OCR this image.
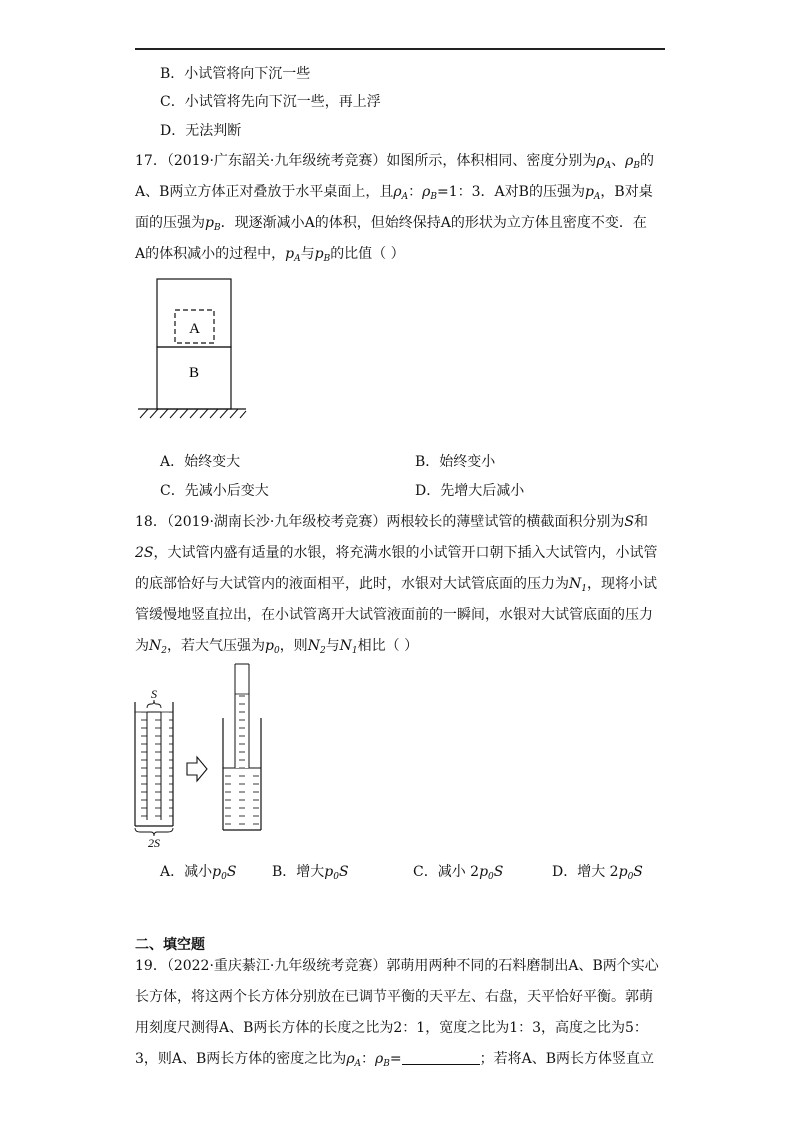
B．小试管将向下沉一些
C．小试管将先向下沉一些，再上浮
D．无法判断
17．（2019·广东韶关·九年级统考竞赛）如图所示，体积相同、密度分别为$\rho_A$、$\rho_B$的
A、B两立方体正对叠放于水平桌面上，且$\rho_A$：$\rho_B=1$：3．A对B的压强为$p_A$，B对桌
面的压强为$p_B$．现逐渐减小A的体积，但始终保持A的形状为立方体且密度不变．在
A的体积减小的过程中，$p_A$与$p_B$的比值（ ）
A
B
A．始终变大	B．始终变小
C．先减小后变大	D．先增大后减小
18．（2019·湖南长沙·九年级校考竞赛）两根较长的薄壁试管的横截面积分别为S和
2S，大试管内盛有适量的水银，将充满水银的小试管开口朝下插入大试管内，小试管
的底部恰好与大试管内的液面相平，此时，水银对大试管底面的压力为$N_1$，现将小试
管缓慢地竖直拉出，在小试管离开大试管液面前的一瞬间，水银对大试管底面的压力
为$N_2$，若大气压强为$p_0$，则$N_2$与$N_1$相比（ ）
S
2S
A．减小$p_0S$	B．增大$p_0S$	C．减小 $2p_0S$	D．增大 $2p_0S$
二、填空题
19．（2022·重庆綦江·九年级统考竞赛）郭萌用两种不同的石料磨制出A、B两个实心
长方体，将这两个长方体分别放在已调节平衡的天平左、右盘，天平恰好平衡。郭萌
用刻度尺测得A、B两长方体的长度之比为2：1，宽度之比为1：3，高度之比为5：
3，则A、B两长方体的密度之比为$\rho_A$：$\rho_B=$	；若将A、B两长方体竖直立
